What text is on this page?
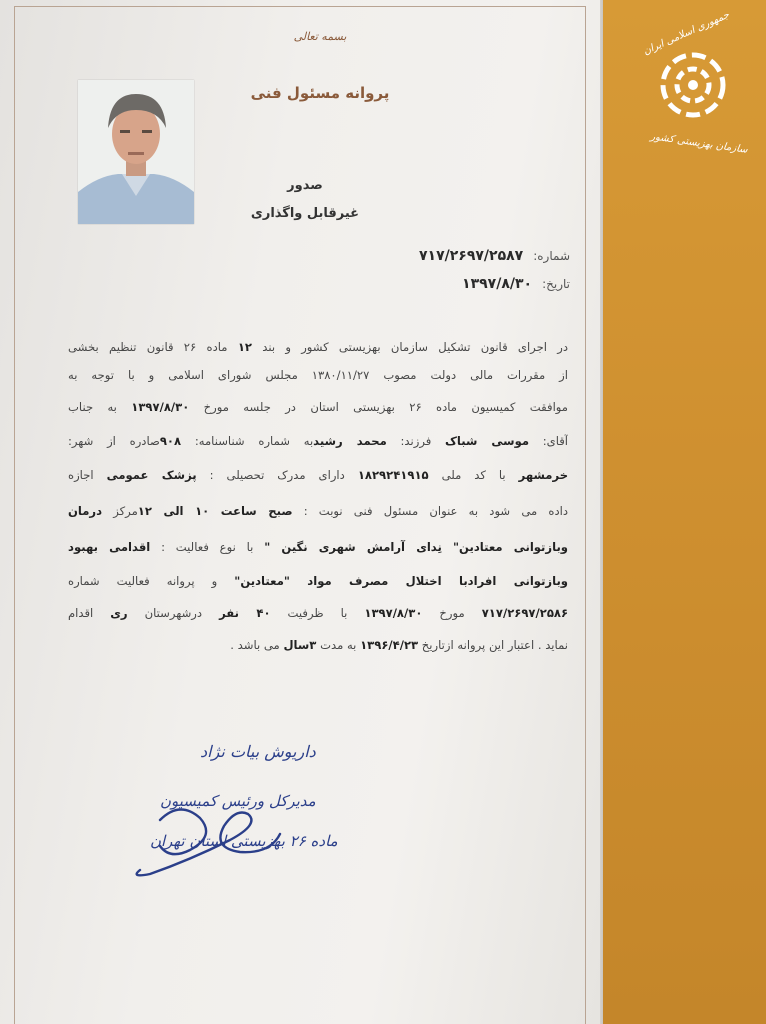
جمهوری اسلامی ایران
سازمان بهزیستی کشور
بسمه تعالی
پروانه مسئول فنی
صدور
غیرقابل واگذاری
شماره:۷۱۷/۲۶۹۷/۲۵۸۷
تاریخ:۱۳۹۷/۸/۳۰
در اجرای قانون تشکیل سازمان بهزیستی کشور و بند ۱۲ ماده ۲۶ قانون تنظیم بخشی
از مقررات مالی دولت مصوب ۱۳۸۰/۱۱/۲۷ مجلس شورای اسلامی و با توجه به
موافقت کمیسیون ماده ۲۶ بهزیستی استان در جلسه مورخ ۱۳۹۷/۸/۳۰ به جناب
آقای: موسی شباک فرزند: محمد رشیدبه شماره شناسنامه: ۹۰۸صادره از شهر:
خرمشهر با کد ملی ۱۸۲۹۲۴۱۹۱۵ دارای مدرک تحصیلی : پزشک عمومی اجازه
داده می شود به عنوان مسئول فنی نوبت : صبح ساعت ۱۰ الی ۱۲مرکز درمان
وبازتوانی معتادین" نِدای آرامش شهری نگین " با نوع فعالیت : اقدامی بهبود
وبازتوانی افرادبا اختلال مصرف مواد "معتادین" و پروانه فعالیت شماره
۷۱۷/۲۶۹۷/۲۵۸۶ مورخ ۱۳۹۷/۸/۳۰ با ظرفیت ۴۰ نفر درشهرستان ری اقدام
نماید . اعتبار این پروانه ازتاریخ ۱۳۹۶/۴/۲۳ به مدت ۳سال می باشد .
داریوش بیات نژاد
مدیرکل ورئیس کمیسیون
ماده ۲۶ بهزیستی استان تهران
